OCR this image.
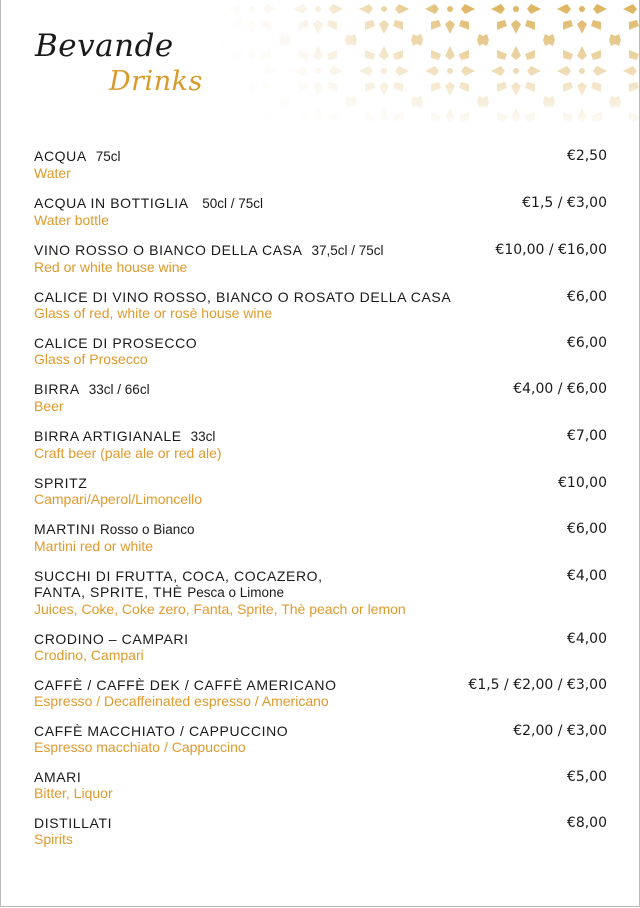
Bevande
Drinks
ACQUA 75cl
Water
€2,50
ACQUA IN BOTTIGLIA 50cl / 75cl
Water bottle
€1,5 / €3,00
VINO ROSSO O BIANCO DELLA CASA 37,5cl / 75cl
Red or white house wine
€10,00 / €16,00
CALICE DI VINO ROSSO, BIANCO O ROSATO DELLA CASA
Glass of red, white or rosè house wine
€6,00
CALICE DI PROSECCO
Glass of Prosecco
€6,00
BIRRA 33cl / 66cl
Beer
€4,00 / €6,00
BIRRA ARTIGIANALE 33cl
Craft beer (pale ale or red ale)
€7,00
SPRITZ
Campari/Aperol/Limoncello
€10,00
MARTINI Rosso o Bianco
Martini red or white
€6,00
SUCCHI DI FRUTTA, COCA, COCAZERO,
FANTA, SPRITE, THÈ Pesca o Limone
Juices, Coke, Coke zero, Fanta, Sprite, Thè peach or lemon
€4,00
CRODINO – CAMPARI
Crodino, Campari
€4,00
CAFFÈ / CAFFÈ DEK / CAFFÈ AMERICANO
Espresso / Decaffeinated espresso / Americano
€1,5 / €2,00 / €3,00
CAFFÈ MACCHIATO / CAPPUCCINO
Espresso macchiato / Cappuccino
€2,00 / €3,00
AMARI
Bitter, Liquor
€5,00
DISTILLATI
Spirits
€8,00
